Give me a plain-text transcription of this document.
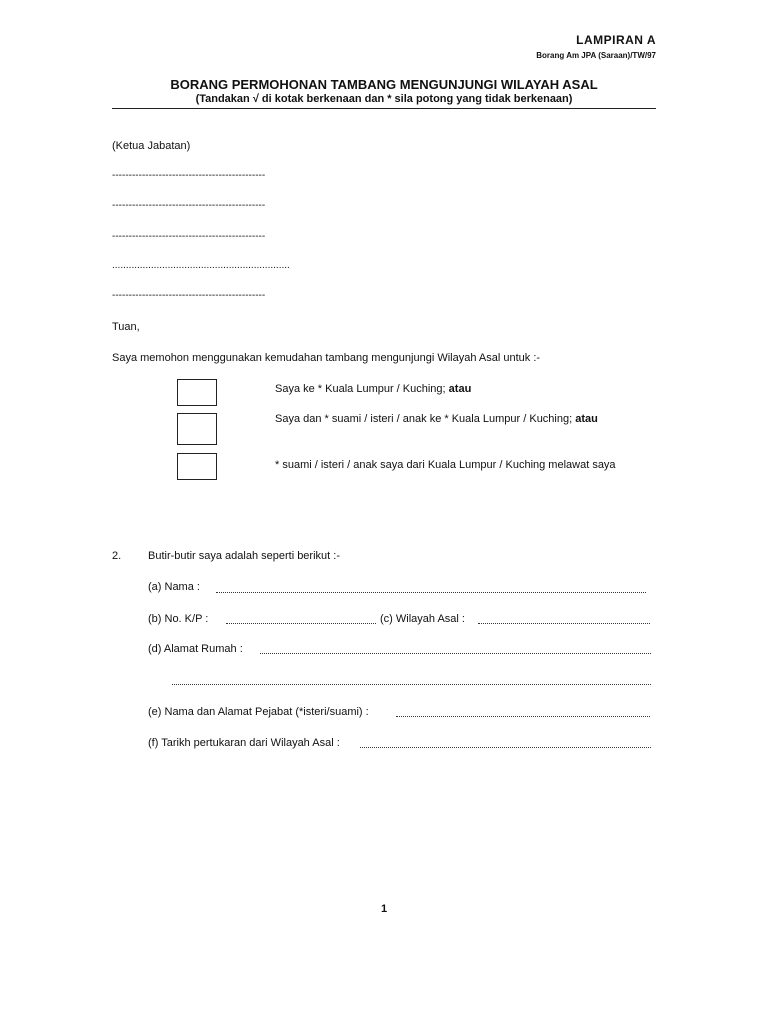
LAMPIRAN A
Borang Am JPA (Saraan)/TW/97
BORANG PERMOHONAN TAMBANG MENGUNJUNGI WILAYAH ASAL
(Tandakan √ di kotak berkenaan dan * sila potong yang tidak berkenaan)
(Ketua Jabatan)
----------------------------------------------
----------------------------------------------
----------------------------------------------
................................................................
----------------------------------------------
Tuan,
Saya memohon menggunakan kemudahan tambang mengunjungi Wilayah Asal untuk :-
Saya ke * Kuala Lumpur / Kuching; atau
Saya dan * suami / isteri / anak ke * Kuala Lumpur / Kuching; atau
* suami / isteri / anak saya dari Kuala Lumpur / Kuching melawat saya
2. Butir-butir saya adalah seperti berikut :-
(a) Nama :
(b) No. K/P :	(c) Wilayah Asal :
(d) Alamat Rumah :
(e) Nama dan Alamat Pejabat (*isteri/suami) :
(f) Tarikh pertukaran dari Wilayah Asal :
1
